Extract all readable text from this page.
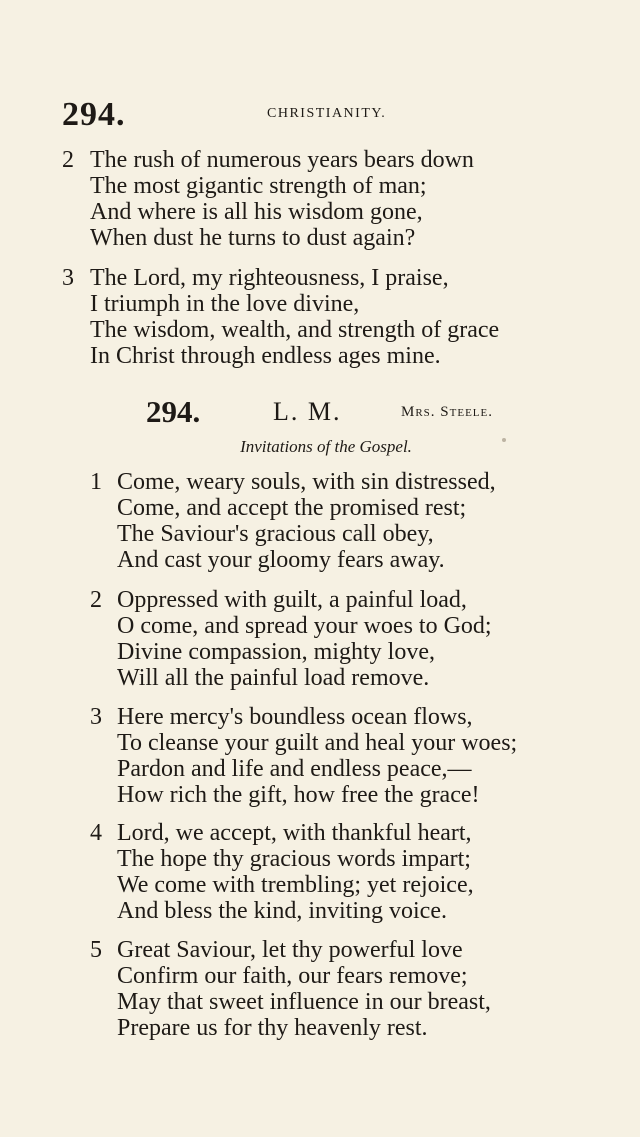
294.	CHRISTIANITY.
2 The rush of numerous years bears down
The most gigantic strength of man;
And where is all his wisdom gone,
When dust he turns to dust again?
3 The Lord, my righteousness, I praise,
I triumph in the love divine,
The wisdom, wealth, and strength of grace
In Christ through endless ages mine.
294.	L. M.	Mrs. Steele.
Invitations of the Gospel.
1 Come, weary souls, with sin distressed,
Come, and accept the promised rest;
The Saviour's gracious call obey,
And cast your gloomy fears away.
2 Oppressed with guilt, a painful load,
O come, and spread your woes to God;
Divine compassion, mighty love,
Will all the painful load remove.
3 Here mercy's boundless ocean flows,
To cleanse your guilt and heal your woes;
Pardon and life and endless peace,—
How rich the gift, how free the grace!
4 Lord, we accept, with thankful heart,
The hope thy gracious words impart;
We come with trembling; yet rejoice,
And bless the kind, inviting voice.
5 Great Saviour, let thy powerful love
Confirm our faith, our fears remove;
May that sweet influence in our breast,
Prepare us for thy heavenly rest.
